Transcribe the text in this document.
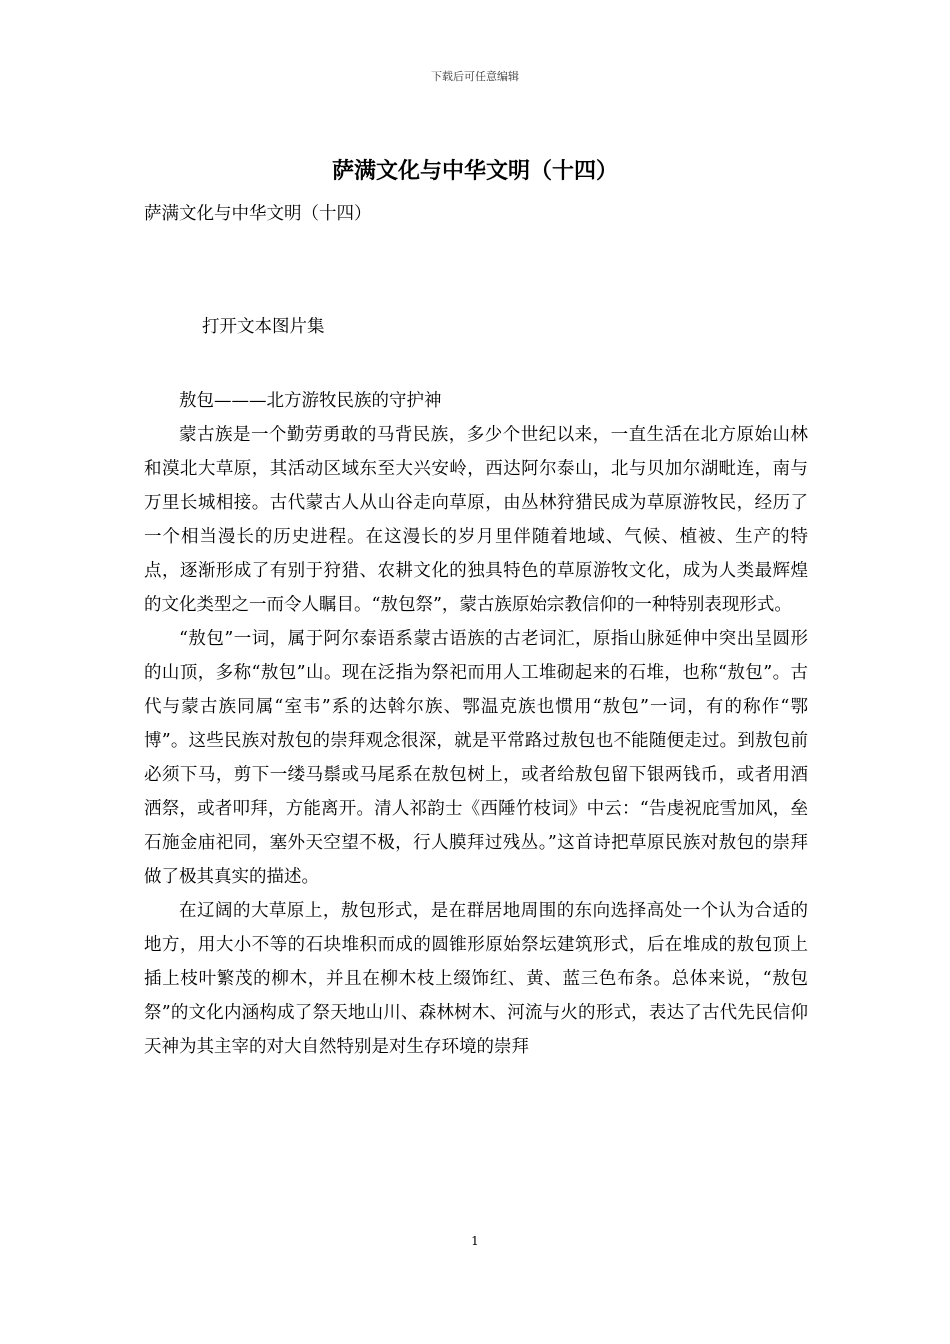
下载后可任意编辑
萨满文化与中华文明（十四）
萨满文化与中华文明（十四）
打开文本图片集

敖包———北方游牧民族的守护神

蒙古族是一个勤劳勇敢的马背民族，多少个世纪以来，一直生活在北方原始山林和漠北大草原，其活动区域东至大兴安岭，西达阿尔泰山，北与贝加尔湖毗连，南与万里长城相接。古代蒙古人从山谷走向草原，由丛林狩猎民成为草原游牧民，经历了一个相当漫长的历史进程。在这漫长的岁月里伴随着地域、气候、植被、生产的特点，逐渐形成了有别于狩猎、农耕文化的独具特色的草原游牧文化，成为人类最辉煌的文化类型之一而令人瞩目。“敖包祭”，蒙古族原始宗教信仰的一种特别表现形式。

“敖包”一词，属于阿尔泰语系蒙古语族的古老词汇，原指山脉延伸中突出呈圆形的山顶，多称“敖包”山。现在泛指为祭祀而用人工堆砌起来的石堆，也称“敖包”。古代与蒙古族同属“室韦”系的达斡尔族、鄂温克族也惯用“敖包”一词，有的称作“鄂博”。这些民族对敖包的崇拜观念很深，就是平常路过敖包也不能随便走过。到敖包前必须下马，剪下一缕马鬃或马尾系在敖包树上，或者给敖包留下银两钱币，或者用酒洒祭，或者叩拜，方能离开。清人祁韵士《西陲竹枝词》中云：“告虔祝庇雪加风，垒石施金庙祀同，塞外天空望不极，行人膜拜过残丛。”这首诗把草原民族对敖包的崇拜做了极其真实的描述。

在辽阔的大草原上，敖包形式，是在群居地周围的东向选择高处一个认为合适的地方，用大小不等的石块堆积而成的圆锥形原始祭坛建筑形式，后在堆成的敖包顶上插上枝叶繁茂的柳木，并且在柳木枝上缀饰红、黄、蓝三色布条。总体来说，“敖包祭”的文化内涵构成了祭天地山川、森林树木、河流与火的形式，表达了古代先民信仰天神为其主宰的对大自然特别是对生存环境的崇拜

1
